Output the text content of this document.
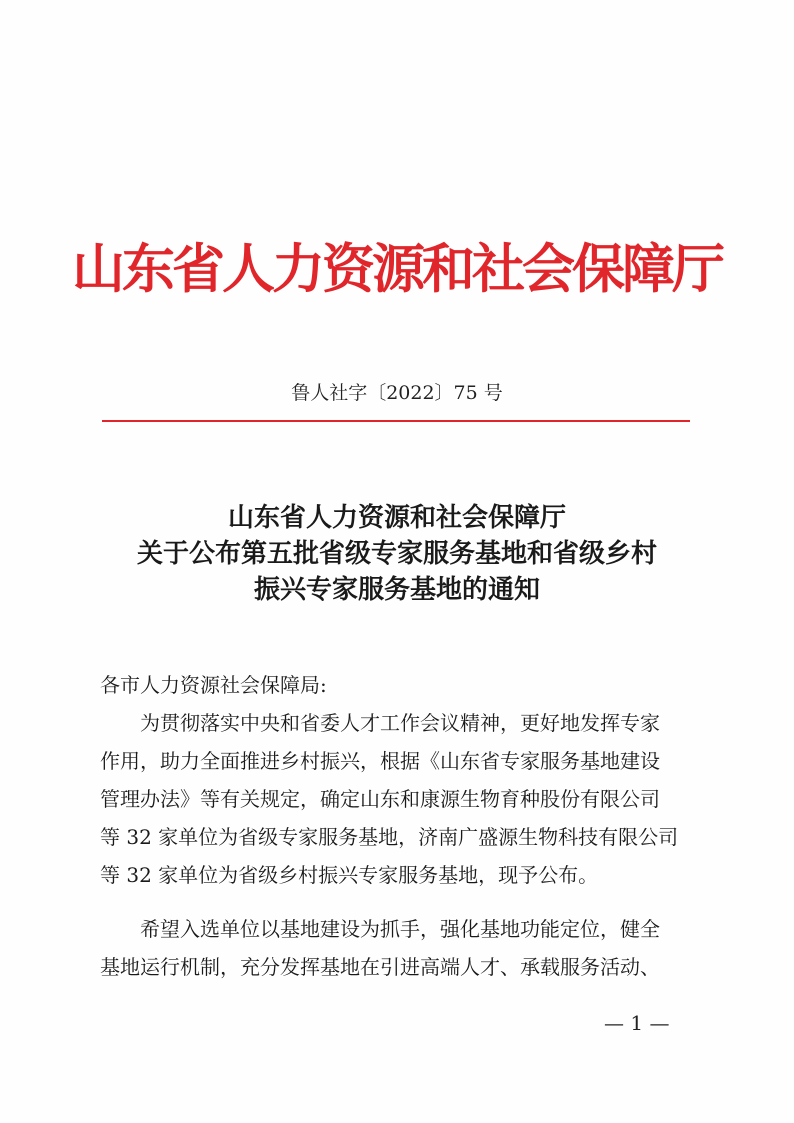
山东省人力资源和社会保障厅
鲁人社字〔2022〕75 号
山东省人力资源和社会保障厅
关于公布第五批省级专家服务基地和省级乡村
振兴专家服务基地的通知
各市人力资源社会保障局:
为贯彻落实中央和省委人才工作会议精神，更好地发挥专家
作用，助力全面推进乡村振兴，根据《山东省专家服务基地建设
管理办法》等有关规定，确定山东和康源生物育种股份有限公司
等 32 家单位为省级专家服务基地，济南广盛源生物科技有限公司
等 32 家单位为省级乡村振兴专家服务基地，现予公布。
希望入选单位以基地建设为抓手，强化基地功能定位，健全
基地运行机制，充分发挥基地在引进高端人才、承载服务活动、
— 1 —
